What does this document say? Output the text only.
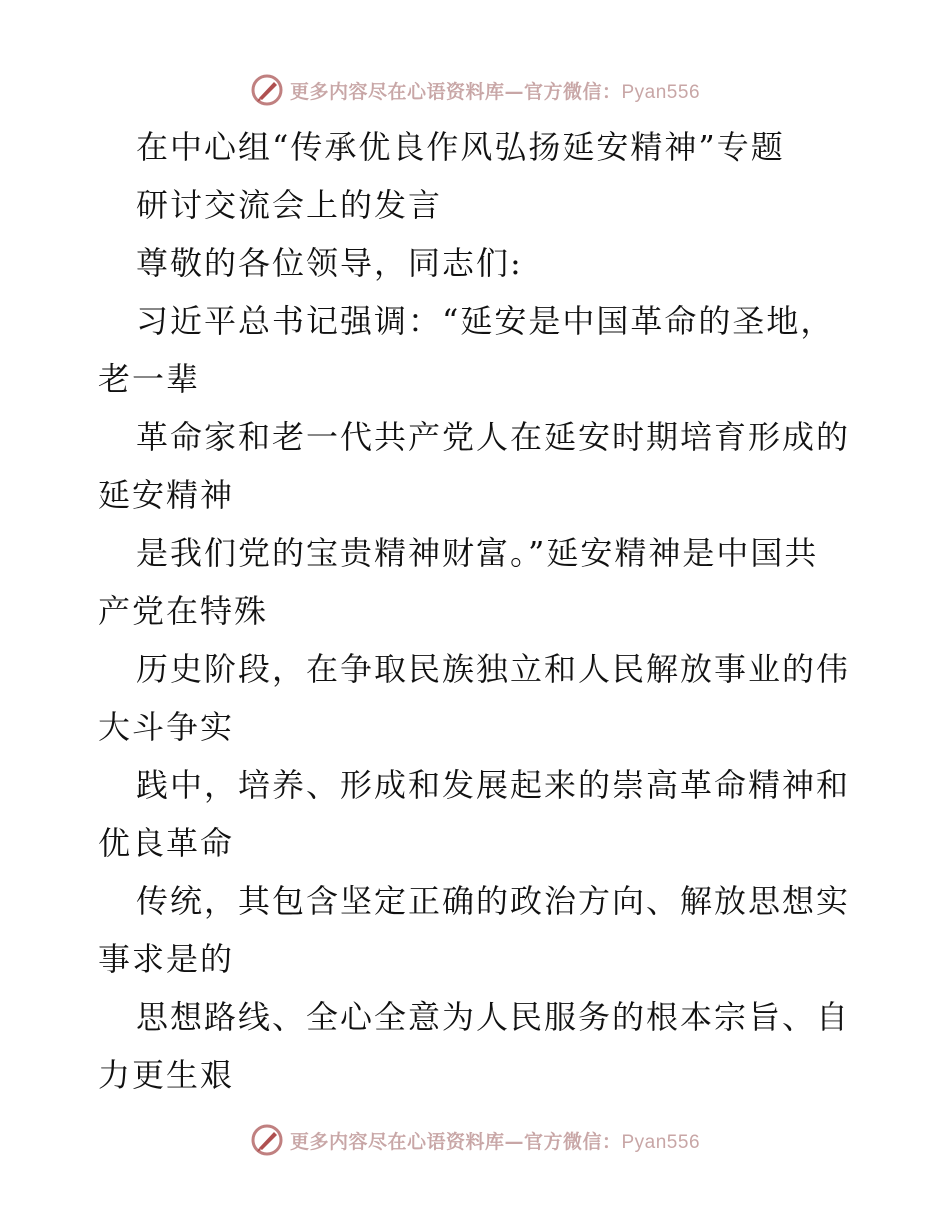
更多内容尽在心语资料库—官方微信：Pyan556
在中心组“传承优良作风弘扬延安精神”专题
研讨交流会上的发言
尊敬的各位领导，同志们:
习近平总书记强调：“延安是中国革命的圣地，
老一辈
革命家和老一代共产党人在延安时期培育形成的
延安精神
是我们党的宝贵精神财富。”延安精神是中国共
产党在特殊
历史阶段，在争取民族独立和人民解放事业的伟
大斗争实
践中，培养、形成和发展起来的崇高革命精神和
优良革命
传统，其包含坚定正确的政治方向、解放思想实
事求是的
思想路线、全心全意为人民服务的根本宗旨、自
力更生艰
更多内容尽在心语资料库—官方微信：Pyan556
